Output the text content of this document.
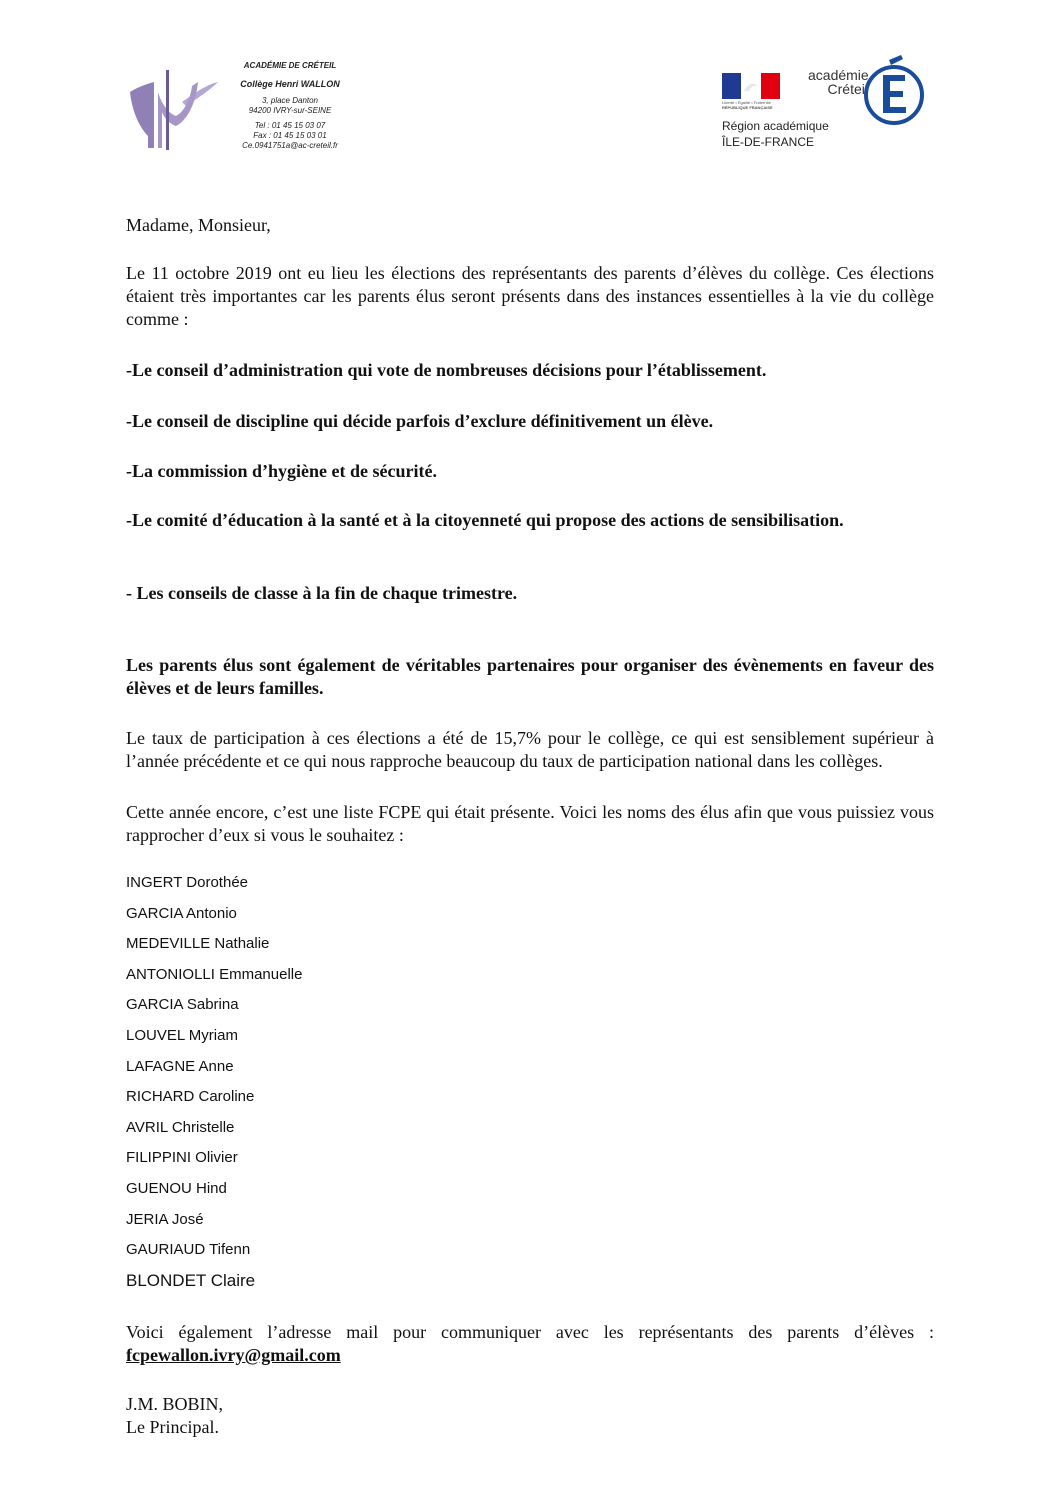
ACADÉMIE DE CRÉTEIL
Collège Henri WALLON
3, place Danton
94200 IVRY-sur-SEINE
Tel : 01 45 15 03 07
Fax : 01 45 15 03 01
Ce.0941751a@ac-creteil.fr
Liberté • Égalité • Fraternité
RÉPUBLIQUE FRANÇAISE
académie
Créteil
Région académique
ÎLE-DE-FRANCE
Madame, Monsieur,
Le 11 octobre 2019 ont eu lieu les élections des représentants des parents d’élèves du collège. Ces élections étaient très importantes car les parents élus seront présents dans des instances essentielles à la vie du collège comme :
-Le conseil d’administration qui vote de nombreuses décisions pour l’établissement.
-Le conseil de discipline qui décide parfois d’exclure définitivement un élève.
-La commission d’hygiène et de sécurité.
-Le comité d’éducation à la santé et à la citoyenneté qui propose des actions de sensibilisation.
- Les conseils de classe à la fin de chaque trimestre.
Les parents élus sont également de véritables partenaires pour organiser des évènements en faveur des élèves et de leurs familles.
Le taux de participation à ces élections a été de 15,7% pour le collège, ce qui est sensiblement supérieur à l’année précédente et ce qui nous rapproche beaucoup du taux de participation national dans les collèges.
Cette année encore, c’est une liste FCPE qui était présente. Voici les noms des élus afin que vous puissiez vous rapprocher d’eux si vous le souhaitez :
INGERT Dorothée
GARCIA Antonio
MEDEVILLE Nathalie
ANTONIOLLI Emmanuelle
GARCIA Sabrina
LOUVEL Myriam
LAFAGNE Anne
RICHARD Caroline
AVRIL Christelle
FILIPPINI Olivier
GUENOU Hind
JERIA José
GAURIAUD Tifenn
BLONDET Claire
Voici également l’adresse mail pour communiquer avec les représentants des parents d’élèves : fcpewallon.ivry@gmail.com
J.M. BOBIN,
Le Principal.
